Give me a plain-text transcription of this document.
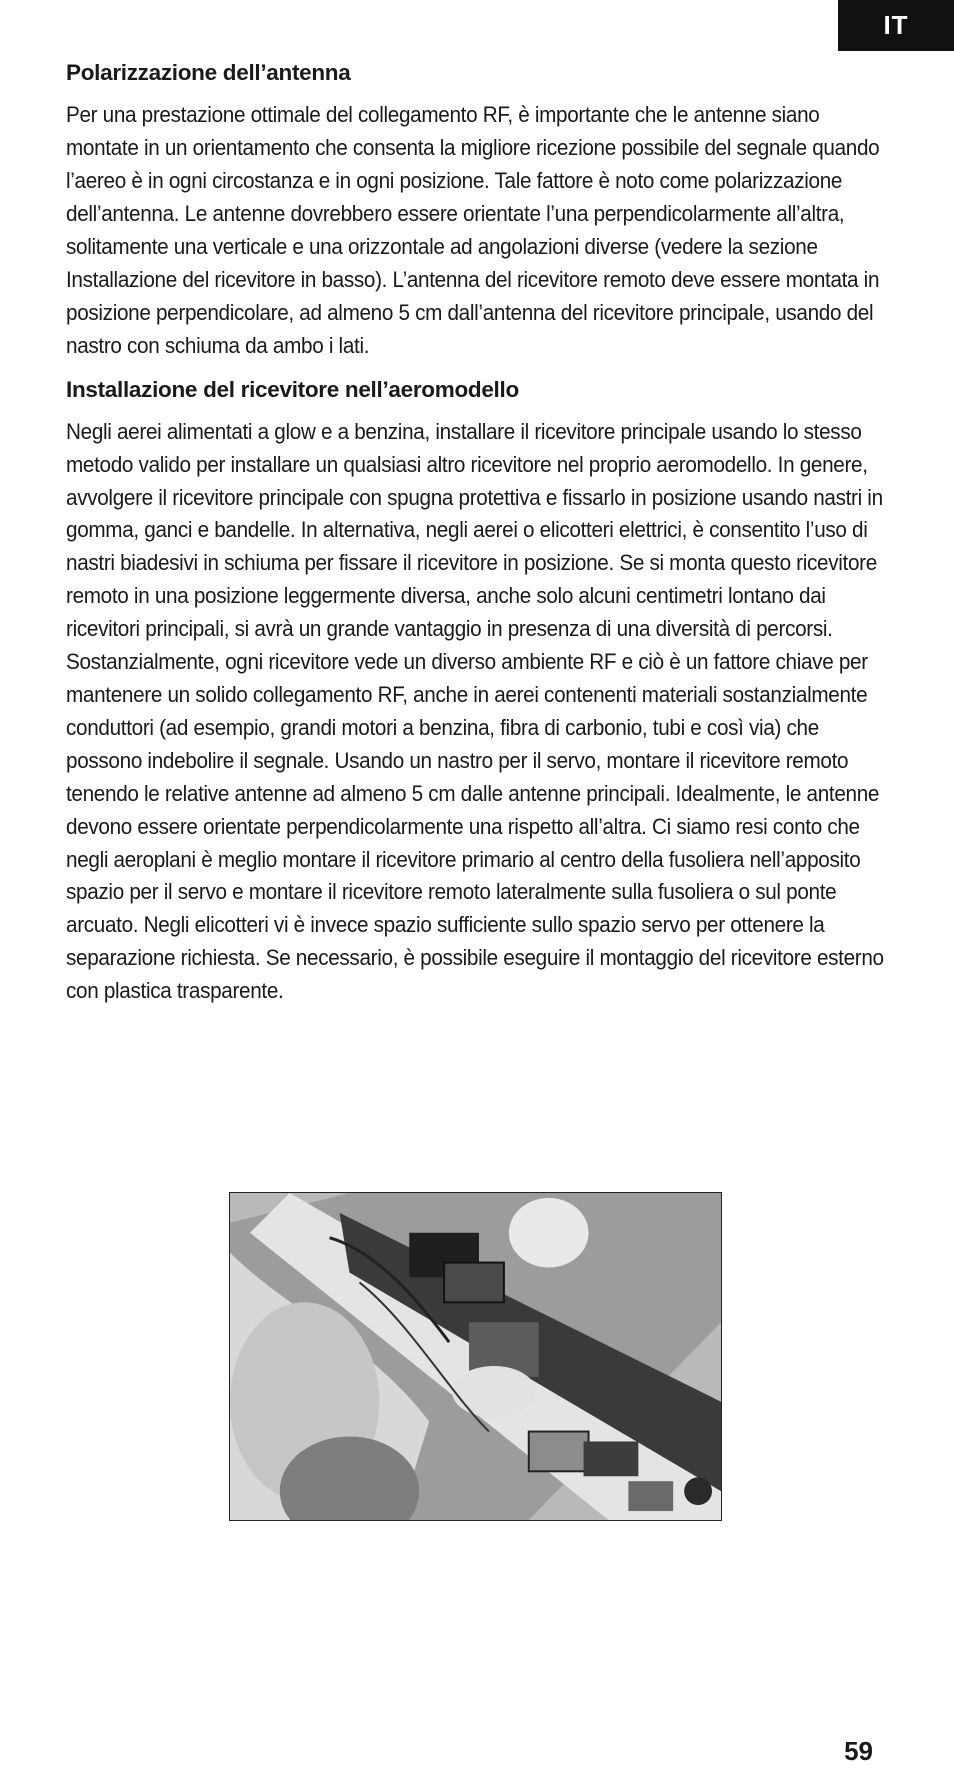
IT
Polarizzazione dell’antenna

Per una prestazione ottimale del collegamento RF, è importante che le antenne siano montate in un orientamento che consenta la migliore ricezione possibile del segnale quando l’aereo è in ogni circostanza e in ogni posizione. Tale fattore è noto come polarizzazione dell’antenna. Le antenne dovrebbero essere orientate l’una perpendicolarmente all’altra, solitamente una verticale e una orizzontale ad angolazioni diverse (vedere la sezione Installazione del ricevitore in basso). L’antenna del ricevitore remoto deve essere montata in posizione perpendicolare, ad almeno 5 cm dall’antenna del ricevitore principale, usando del nastro con schiuma da ambo i lati.

Installazione del ricevitore nell’aeromodello

Negli aerei alimentati a glow e a benzina, installare il ricevitore principale usando lo stesso metodo valido per installare un qualsiasi altro ricevitore nel proprio aeromodello. In genere, avvolgere il ricevitore principale con spugna protettiva e fissarlo in posizione usando nastri in gomma, ganci e bandelle. In alternativa, negli aerei o elicotteri elettrici, è consentito l’uso di nastri biadesivi in schiuma per fissare il ricevitore in posizione. Se si monta questo ricevitore remoto in una posizione leggermente diversa, anche solo alcuni centimetri lontano dai ricevitori principali, si avrà un grande vantaggio in presenza di una diversità di percorsi. Sostanzialmente, ogni ricevitore vede un diverso ambiente RF e ciò è un fattore chiave per mantenere un solido collegamento RF, anche in aerei contenenti materiali sostanzialmente conduttori (ad esempio, grandi motori a benzina, fibra di carbonio, tubi e così via) che possono indebolire il segnale. Usando un nastro per il servo, montare il ricevitore remoto tenendo le relative antenne ad almeno 5 cm dalle antenne principali. Idealmente, le antenne devono essere orientate perpendicolarmente una rispetto all’altra. Ci siamo resi conto che negli aeroplani è meglio montare il ricevitore primario al centro della fusoliera nell’apposito spazio per il servo e montare il ricevitore remoto lateralmente sulla fusoliera o sul ponte arcuato. Negli elicotteri vi è invece spazio sufficiente sullo spazio servo per ottenere la separazione richiesta. Se necessario, è possibile eseguire il montaggio del ricevitore esterno con plastica trasparente.

59
